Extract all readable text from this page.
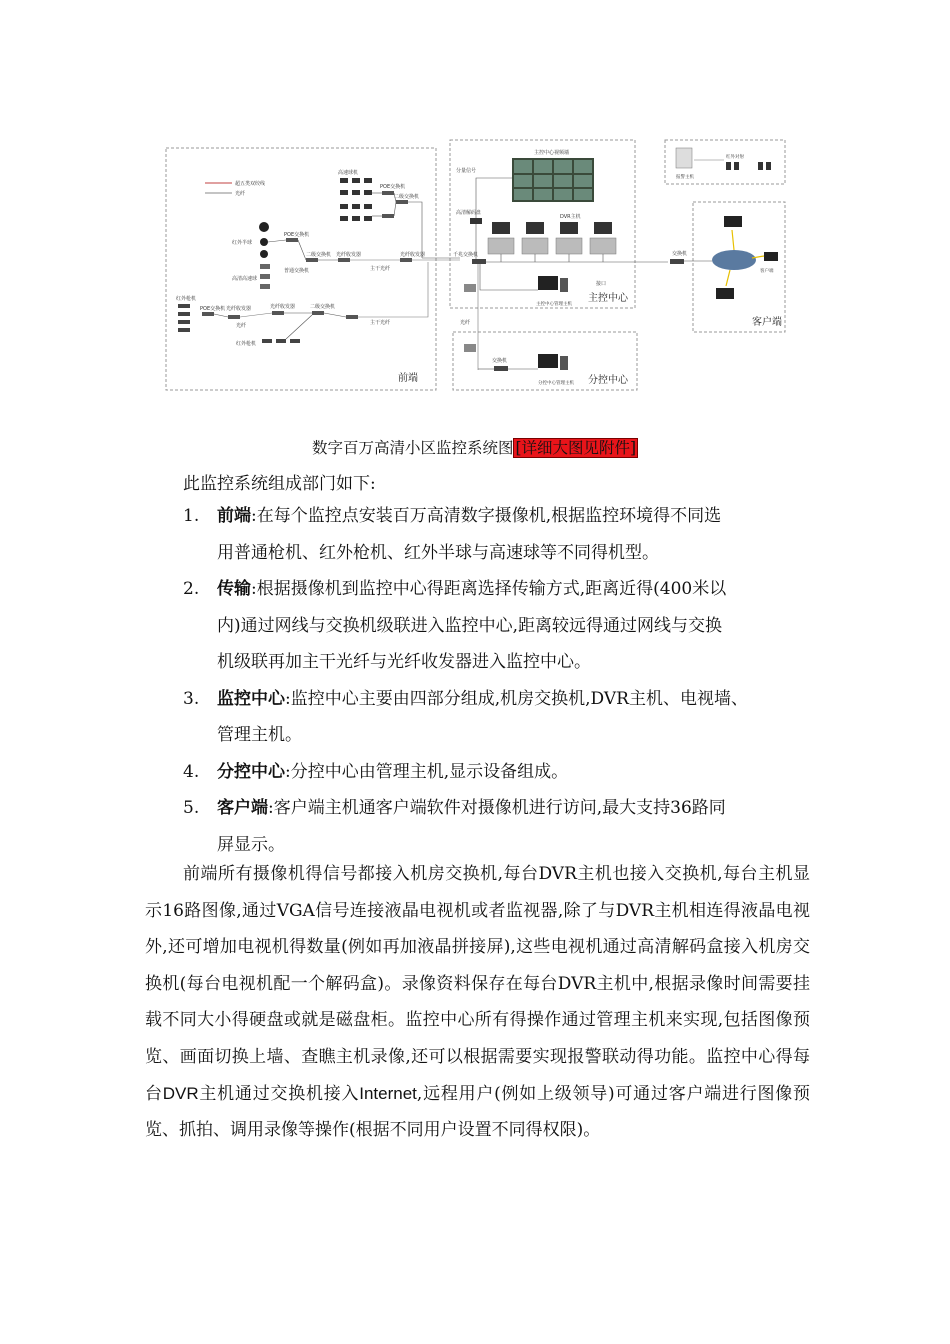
前端
主控中心
分控中心
客户端
超五类双绞线
光纤
高速球机
POE交换机
二级交换机
红外半球
POE交换机
普通交换机
高清高速球
二级交换机 光纤收发器	光纤收发器
主干光纤
红外枪机
POE交换机 光纤收发器	光纤收发器	二级交换机
主干光纤
光纤
红外枪机
主控中心视频墙
分量信号
高清解码盘
DVR主机
千兆交换机
主控中心管理主机
接口
报警主机
红外对射
交换机
客户端
光纤
交换机
分控中心管理主机
数字百万高清小区监控系统图 [详细大图见附件]
此监控系统组成部门如下:
1. 前端:在每个监控点安装百万高清数字摄像机,根据监控环境得不同选
用普通枪机、红外枪机、红外半球与高速球等不同得机型。
2. 传输:根据摄像机到监控中心得距离选择传输方式,距离近得(400米以
内)通过网线与交换机级联进入监控中心,距离较远得通过网线与交换
机级联再加主干光纤与光纤收发器进入监控中心。
3. 监控中心:监控中心主要由四部分组成,机房交换机,DVR主机、电视墙、
管理主机。
4. 分控中心:分控中心由管理主机,显示设备组成。
5. 客户端:客户端主机通客户端软件对摄像机进行访问,最大支持36路同
屏显示。
前端所有摄像机得信号都接入机房交换机,每台DVR主机也接入交换机,每台主机显示16路图像,通过VGA信号连接液晶电视机或者监视器,除了与DVR主机相连得液晶电视外,还可增加电视机得数量(例如再加液晶拼接屏),这些电视机通过高清解码盒接入机房交换机(每台电视机配一个解码盒)。录像资料保存在每台DVR主机中,根据录像时间需要挂载不同大小得硬盘或就是磁盘柜。监控中心所有得操作通过管理主机来实现,包括图像预览、画面切换上墙、查瞧主机录像,还可以根据需要实现报警联动得功能。监控中心得每台DVR主机通过交换机接入Internet,远程用户(例如上级领导)可通过客户端进行图像预览、抓拍、调用录像等操作(根据不同用户设置不同得权限)。
